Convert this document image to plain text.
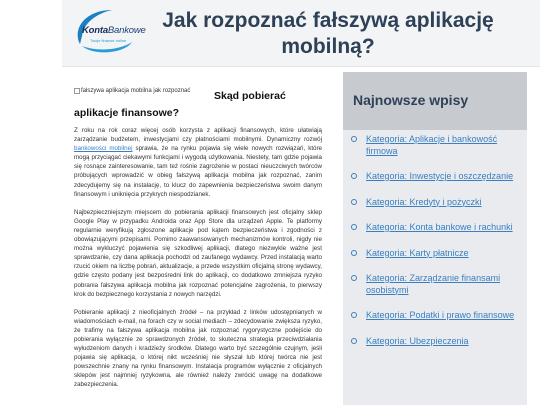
KontaBankowe
Twoje finanse online
Jak rozpoznać fałszywą aplikację mobilną?
fałszywa aplikacja mobilna jak rozpoznać	Skąd pobierać aplikacje finansowe?

Z roku na rok coraz więcej osób korzysta z aplikacji finansowych, które ułatwiają zarządzanie budżetem, inwestycjami czy płatnościami mobilnymi. Dynamiczny rozwój bankowości mobilnej sprawia, że na rynku pojawia się wiele nowych rozwiązań, które mogą przyciągać ciekawymi funkcjami i wygodą użytkowania. Niestety, tam gdzie pojawia się rosnące zainteresowanie, tam też rośnie zagrożenie w postaci nieuczciwych twórców próbujących wprowadzić w obieg fałszywą aplikacja mobilna jak rozpoznać, zanim zdecydujemy się na instalację, to klucz do zapewnienia bezpieczeństwa swoim danym finansowym i uniknięcia przykrych niespodzianek.

Najbezpieczniejszym miejscem do pobierania aplikacji finansowych jest oficjalny sklep Google Play w przypadku Androida oraz App Store dla urządzeń Apple. Te platformy regularnie weryfikują zgłoszone aplikacje pod kątem bezpieczeństwa i zgodności z obowiązującymi przepisami. Pomimo zaawansowanych mechanizmów kontroli, nigdy nie można wykluczyć pojawienia się szkodliwej aplikacji, dlatego niezwykle ważne jest sprawdzanie, czy dana aplikacja pochodzi od zaufanego wydawcy. Przed instalacją warto rzucić okiem na liczbę pobrań, aktualizacje, a przede wszystkim oficjalną stronę wydawcy, gdzie często podany jest bezpośredni link do aplikacji, co dodatkowo zmniejsza ryzyko pobrania fałszywa aplikacja mobilna jak rozpoznać potencjalne zagrożenia, to pierwszy krok do bezpiecznego korzystania z nowych narzędzi.

Pobieranie aplikacji z nieoficjalnych źródeł – na przykład z linków udostępnianych w wiadomościach e-mail, na forach czy w social mediach – zdecydowanie zwiększa ryzyko, że trafimy na fałszywa aplikacja mobilna jak rozpoznać rygorystyczne podejście do pobierania wyłącznie ze sprawdzonych źródeł, to skuteczna strategia przeciwdziałania wyłudzeniom danych i kradzieży środków. Dlatego warto być szczególnie czujnym, jeśli pojawia się aplikacja, o której nikt wcześniej nie słyszał lub której twórca nie jest powszechnie znany na rynku finansowym. Instalacja programów wyłącznie z oficjalnych sklepów jest najmniej ryzykowna, ale również należy zwrócić uwagę na dodatkowe zabezpieczenia.

Najnowsze wpisy
Kategoria: Aplikacje i bankowość firmowa
Kategoria: Inwestycje i oszczędzanie
Kategoria: Kredyty i pożyczki
Kategoria: Konta bankowe i rachunki
Kategoria: Karty płatnicze
Kategoria: Zarządzanie finansami osobistymi
Kategoria: Podatki i prawo finansowe
Kategoria: Ubezpieczenia
